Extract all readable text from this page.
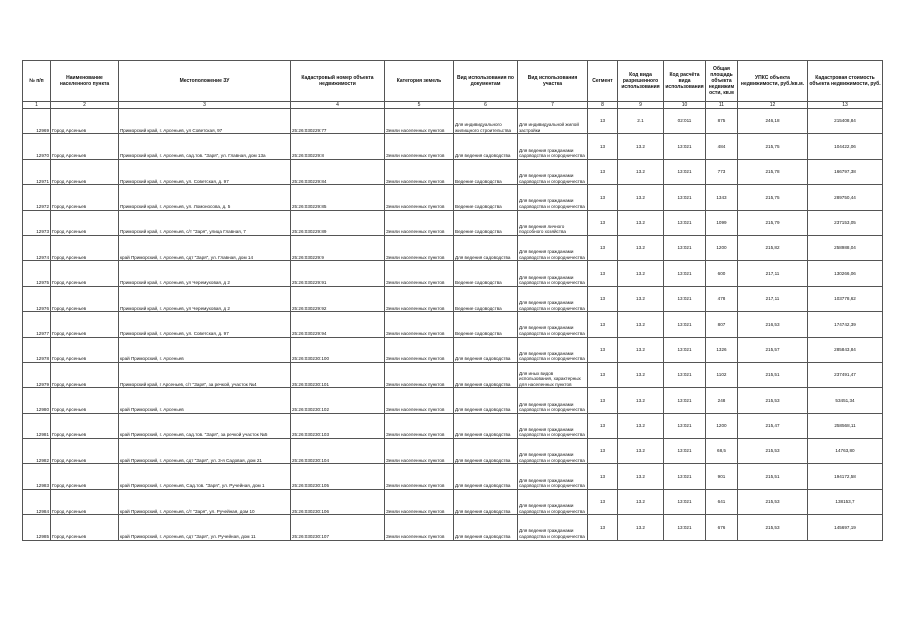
№ п/п	Наименование населенного пункта	Местоположение ЗУ	Кадастровый номер объекта недвижимости	Категория земель	Вид использования по документам	Вид использования участка	Сегмент	Код вида разрешенного использования	Код расчёта вида использования	Общая площадь объекта недвижим ости, кв.м	УПКС объекта недвижимости, руб./кв.м.	Кадастровая стоимость объекта недвижимости, руб.
1	2	3	4	5	6	7	8	9	10	11	12	13
12969	Город Арсеньев	Приморский край, г. Арсеньев, ул Советская, 97	25:26:030229:77	Земли населенных пунктов	Для индивидуального жилищного строительства	Для индивидуальной жилой застройки	13	2.1	02:011	875	246,18	215408,84
12970	Город Арсеньев	Приморский край, г. Арсеньев, сад.тов. "Заря", ул. Главная, дом 13а	25:26:030229:8	Земли населенных пунктов	Для ведения садоводства	Для ведения гражданами садоводства и огородничества	13	13.2	13:021	484	215,75	104422,06
12971	Город Арсеньев	Приморский край, г. Арсеньев, ул. Советская, д. 97	25:26:030229:84	Земли населенных пунктов	Ведение садоводства	Для ведения гражданами садоводства и огородничества	13	13.2	13:021	773	215,78	166797,38
12972	Город Арсеньев	Приморский край, г. Арсеньев, ул. Ломоносова, д. 5	25:26:030229:85	Земли населенных пунктов	Ведение садоводства	Для ведения гражданами садоводства и огородничества	13	13.2	13:021	1343	215,75	289750,44
12973	Город Арсеньев	Приморский край, г. Арсеньев, с/т "Заря", улица Главная, 7	25:26:030229:89	Земли населенных пунктов	Ведение садоводства	Для ведения личного подсобного хозяйства	13	13.2	13:021	1099	215,79	237153,05
12974	Город Арсеньев	край Приморский, г. Арсеньев, сдт "Заря", ул. Главная, дом 14	25:26:030229:9	Земли населенных пунктов	Для ведения садоводства	Для ведения гражданами садоводства и огородничества	13	13.2	13:021	1200	215,82	258988,04
12975	Город Арсеньев	Приморский край, г. Арсеньев, ул Черемуховая, д 2	25:26:030229:91	Земли населенных пунктов	Ведение садоводства	Для ведения гражданами садоводства и огородничества	13	13.2	13:021	600	217,11	130266,06
12976	Город Арсеньев	Приморский край, г. Арсеньев, ул Черемуховая, д 2	25:26:030229:92	Земли населенных пунктов	Ведение садоводства	Для ведения гражданами садоводства и огородничества	13	13.2	13:021	478	217,11	103778,62
12977	Город Арсеньев	Приморский край, г. Арсеньев, ул. Советская, д. 97	25:26:030229:94	Земли населенных пунктов	Ведение садоводства	Для ведения гражданами садоводства и огородничества	13	13.2	13:021	807	216,53	174742,39
12978	Город Арсеньев	край Приморский, г. Арсеньев	25:26:030230:100	Земли населенных пунктов	Для ведения садоводства	Для ведения гражданами садоводства и огородничества	13	13.2	13:021	1326	215,57	285843,84
12979	Город Арсеньев	Приморский край, г Арсеньев, с/т "Заря", за речкой, участок №4	25:26:030230:101	Земли населенных пунктов	Для ведения садоводства	Для иных видов использования, характерных для населенных пунктов	13	13.2	13:021	1102	215,51	237491,47
12980	Город Арсеньев	край Приморский, г. Арсеньев	25:26:030230:102	Земли населенных пунктов	Для ведения садоводства	Для ведения гражданами садоводства и огородничества	13	13.2	13:021	248	215,53	53451,34
12981	Город Арсеньев	край Приморский, г. Арсеньев, сад.тов. "Заря", за речкой участок №5	25:26:030230:103	Земли населенных пунктов	Для ведения садоводства	Для ведения гражданами садоводства и огородничества	13	13.2	13:021	1200	215,47	258568,11
12982	Город Арсеньев	край Приморский, г. Арсеньев, сдт "Заря", ул. 3-я Садовая, дом 21	25:26:030230:104	Земли населенных пунктов	Для ведения садоводства	Для ведения гражданами садоводства и огородничества	13	13.2	13:021	68,5	215,53	14763,80
12983	Город Арсеньев	край Приморский, г. Арсеньев, Сад.тов. "Заря", ул. Ручейная, дом 1	25:26:030230:105	Земли населенных пунктов	Для ведения садоводства	Для ведения гражданами садоводства и огородничества	13	13.2	13:021	901	215,51	194172,58
12984	Город Арсеньев	край Приморский, г. Арсеньев, с/т "Заря", ул. Ручейная, дом 10	25:26:030230:106	Земли населенных пунктов	Для ведения садоводства	Для ведения гражданами садоводства и огородничества	13	13.2	13:021	641	215,53	138153,7
12985	Город Арсеньев	край Приморский, г. Арсеньев, сдт "Заря", ул. Ручейная, дом 11	25:26:030230:107	Земли населенных пунктов	Для ведения садоводства	Для ведения гражданами садоводства и огородничества	13	13.2	13:021	676	215,53	145697,19
